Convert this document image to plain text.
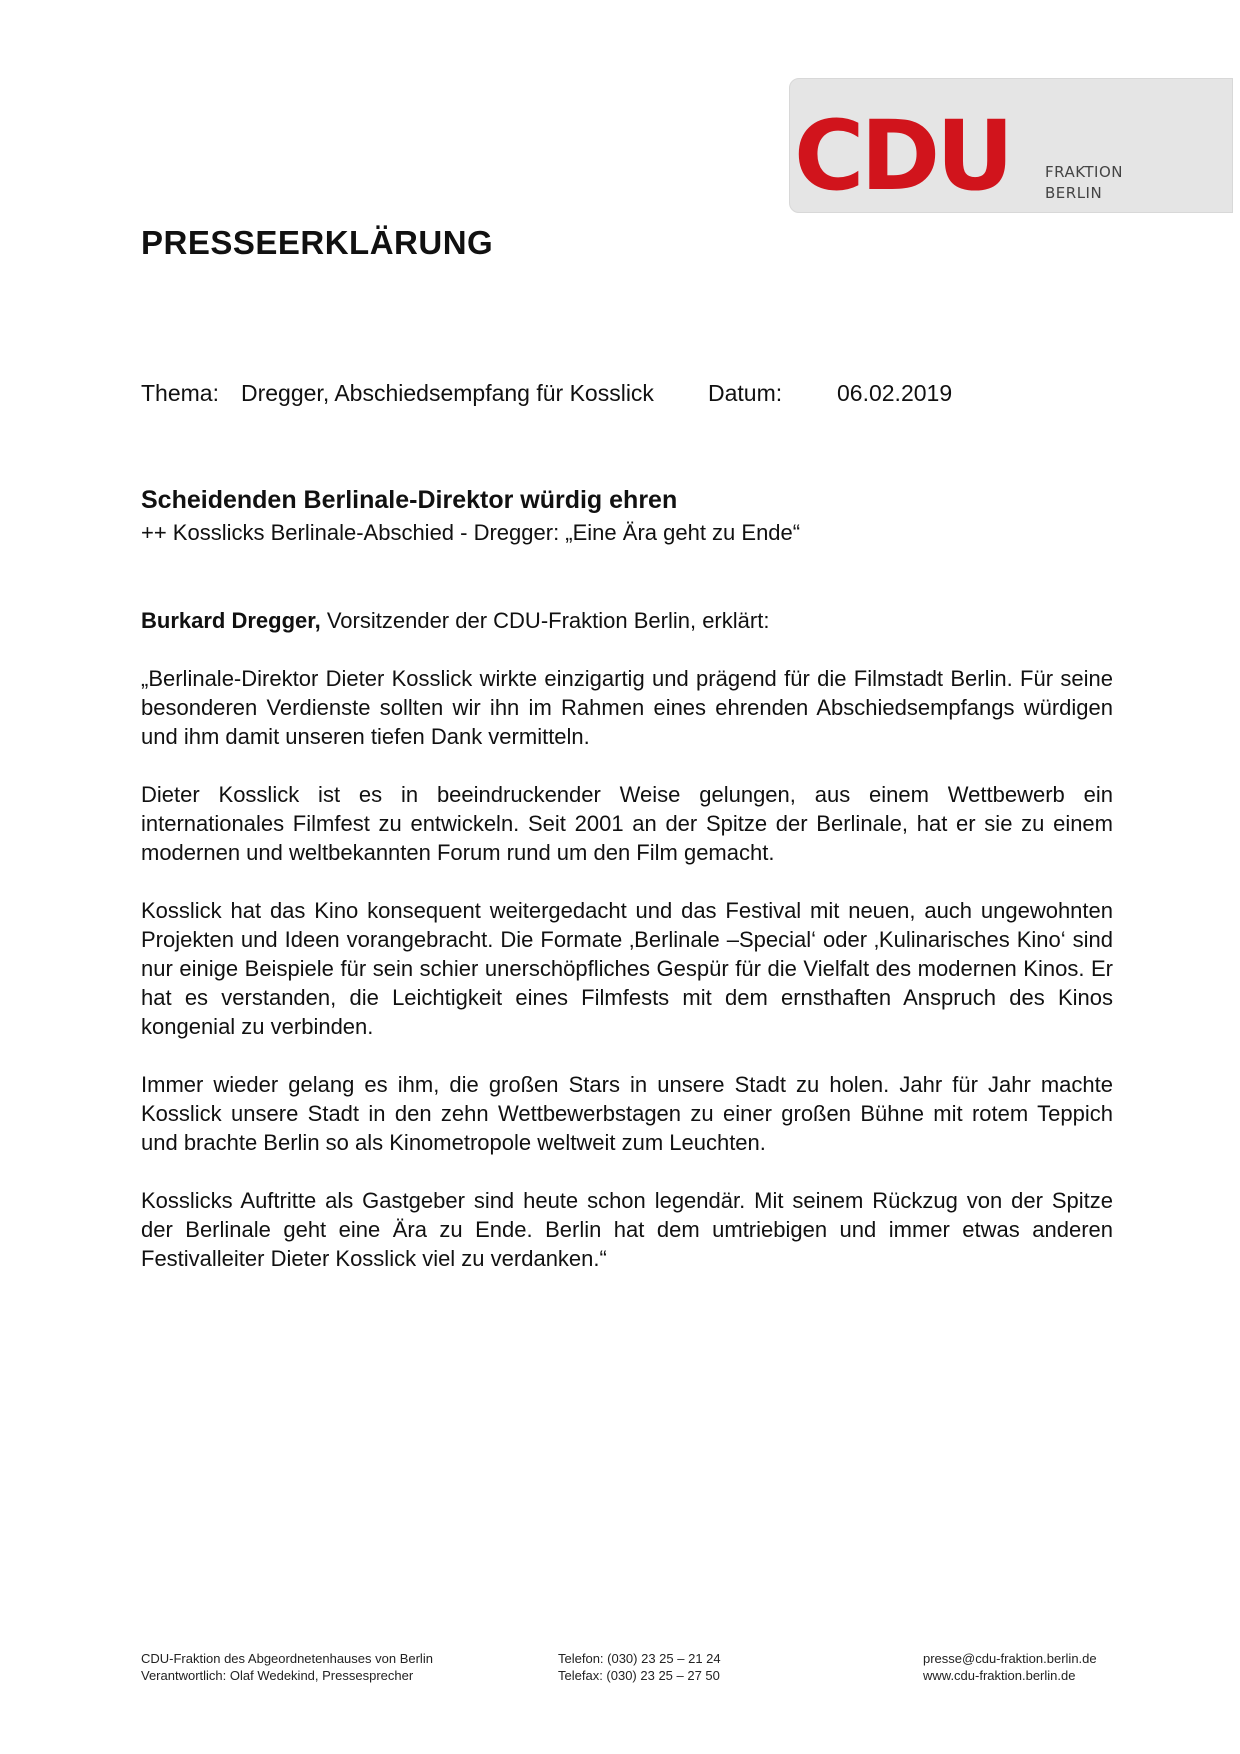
CDU FRAKTION
BERLIN
PRESSEERKLÄRUNG
Thema: Dregger, Abschiedsempfang für Kosslick Datum: 06.02.2019
Scheidenden Berlinale-Direktor würdig ehren
++ Kosslicks Berlinale-Abschied - Dregger: „Eine Ära geht zu Ende“

Burkard Dregger, Vorsitzender der CDU-Fraktion Berlin, erklärt:

„Berlinale-Direktor Dieter Kosslick wirkte einzigartig und prägend für die Filmstadt Berlin. Für seine besonderen Verdienste sollten wir ihn im Rahmen eines ehrenden Abschiedsempfangs würdigen und ihm damit unseren tiefen Dank vermitteln.

Dieter Kosslick ist es in beeindruckender Weise gelungen, aus einem Wettbewerb ein internationales Filmfest zu entwickeln. Seit 2001 an der Spitze der Berlinale, hat er sie zu einem modernen und weltbekannten Forum rund um den Film gemacht.

Kosslick hat das Kino konsequent weitergedacht und das Festival mit neuen, auch ungewohnten Projekten und Ideen vorangebracht. Die Formate ‚Berlinale –Special‘ oder ‚Kulinarisches Kino‘ sind nur einige Beispiele für sein schier unerschöpfliches Gespür für die Vielfalt des modernen Kinos. Er hat es verstanden, die Leichtigkeit eines Filmfests mit dem ernsthaften Anspruch des Kinos kongenial zu verbinden.

Immer wieder gelang es ihm, die großen Stars in unsere Stadt zu holen. Jahr für Jahr machte Kosslick unsere Stadt in den zehn Wettbewerbstagen zu einer großen Bühne mit rotem Teppich und brachte Berlin so als Kinometropole weltweit zum Leuchten.

Kosslicks Auftritte als Gastgeber sind heute schon legendär. Mit seinem Rückzug von der Spitze der Berlinale geht eine Ära zu Ende. Berlin hat dem umtriebigen und immer etwas anderen Festivalleiter Dieter Kosslick viel zu verdanken.“

CDU-Fraktion des Abgeordnetenhauses von Berlin
Verantwortlich: Olaf Wedekind, Pressesprecher
Telefon: (030) 23 25 – 21 24
Telefax: (030) 23 25 – 27 50
presse@cdu-fraktion.berlin.de
www.cdu-fraktion.berlin.de
